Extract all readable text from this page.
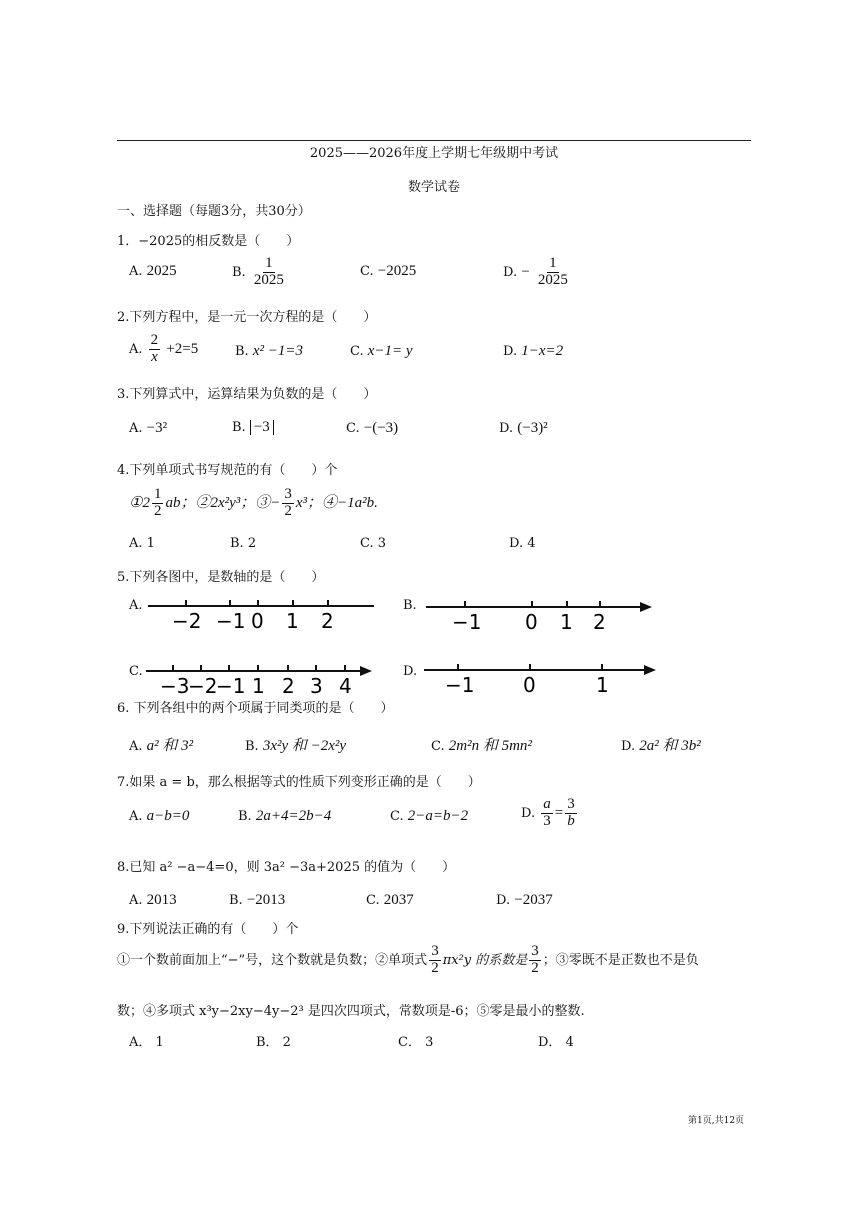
2025——2026年度上学期七年级期中考试
数学试卷
一、选择题（每题3分，共30分）
1．−2025的相反数是（　　）
A. 2025	B. $\frac{1}{2025}$	C. −2025	D. − $\frac{1}{2025}$
2.下列方程中，是一元一次方程的是（　　）
A. $\frac{2}{x} +2=5$	B. x² −1=3	C. x−1= y	D. 1−x=2
3.下列算式中，运算结果为负数的是（　　）
A. −3²	B. −3	C. −(−3)	D. (−3)²
4.下列单项式书写规范的有（　　）个
①2 $\frac{1}{2}$ ab；②2x²y³；③− $\frac{3}{2} x^3$；④−1a²b.
A. 1	B. 2	C. 3	D. 4
5.下列各图中，是数轴的是（　　）
A.	B.
C.	D.
−2 −1 0 1 2	−1 0 1 2
−3
−2
−1 1 2 3 4	−1 0	1
6. 下列各组中的两个项属于同类项的是（　　）
A. a² 和 3²	B. 3x²y 和 −2x²y	C. 2m²n 和 5mn²	D. 2a² 和 3b²
7.如果 a = b，那么根据等式的性质下列变形正确的是（　　）
A. a−b=0	B. 2a+4=2b−4	C. 2−a=b−2	D. $\frac{a}{3} = \frac{3}{b}$
8.已知 a² −a−4=0，则 3a² −3a+2025 的值为（　　）
A. 2013	B. −2013	C. 2037	D. −2037
9.下列说法正确的有（　　）个
①一个数前面加上“−”号，这个数就是负数；②单项式 $\frac{3}{2} \pi x^2y$ 的系数是 $\frac{3}{2}$ ；③零既不是正数也不是负
数；④多项式 x³y−2xy−4y−2³ 是四次四项式，常数项是-6；⑤零是最小的整数.
A． 1	B． 2	C． 3	D． 4
第1页,共12页
